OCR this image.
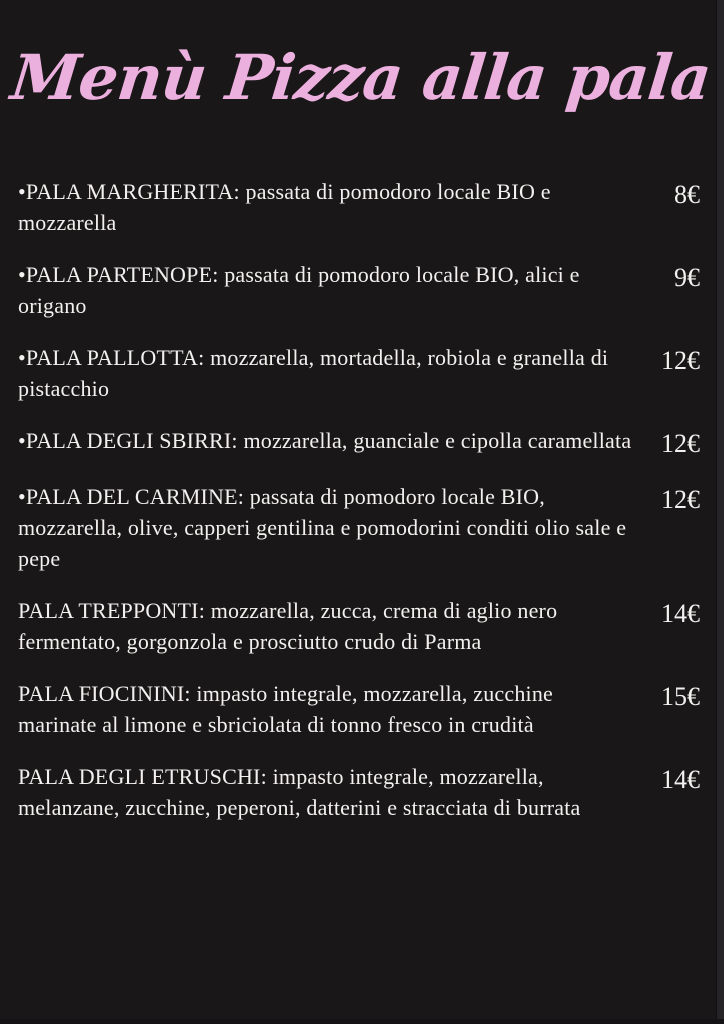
Menù Pizza alla pala

•PALA MARGHERITA: passata di pomodoro locale BIO e mozzarella

8€

•PALA PARTENOPE: passata di pomodoro locale BIO, alici e origano

9€

•PALA PALLOTTA: mozzarella, mortadella, robiola e granella di pistacchio

12€

•PALA DEGLI SBIRRI: mozzarella, guanciale e cipolla caramellata	12€

•PALA DEL CARMINE: passata di pomodoro locale BIO, mozzarella, olive, capperi gentilina e pomodorini conditi olio sale e pepe

12€

PALA TREPPONTI: mozzarella, zucca, crema di aglio nero fermentato, gorgonzola e prosciutto crudo di Parma

14€

PALA FIOCININI: impasto integrale, mozzarella, zucchine marinate al limone e sbriciolata di tonno fresco in crudità

15€

PALA DEGLI ETRUSCHI: impasto integrale, mozzarella, melanzane, zucchine, peperoni, datterini e stracciata di burrata

14€
